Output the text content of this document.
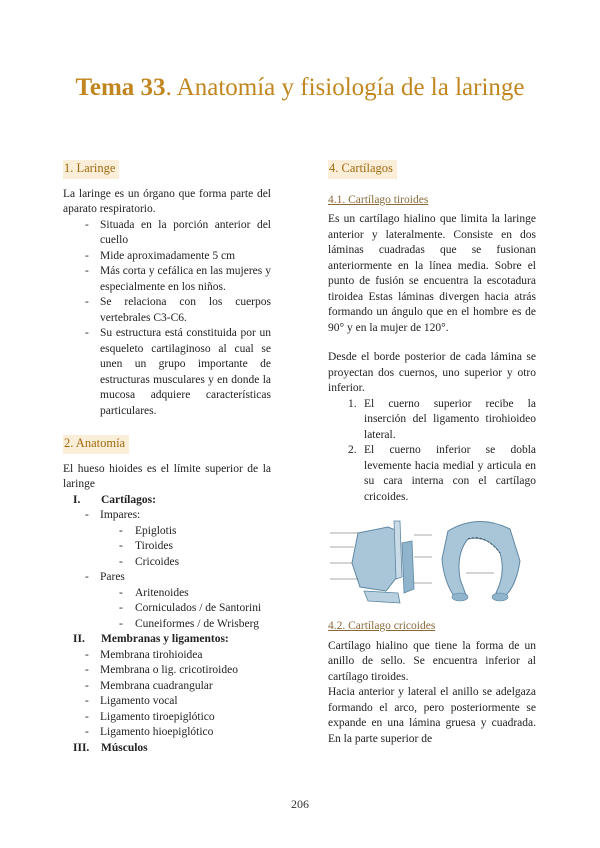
Tema 33. Anatomía y fisiología de la laringe
1. Laringe

La laringe es un órgano que forma parte del aparato respiratorio.

- Situada en la porción anterior del cuello
- Mide aproximadamente 5 cm
- Más corta y cefálica en las mujeres y especialmente en los niños.
- Se relaciona con los cuerpos vertebrales C3-C6.
- Su estructura está constituida por un esqueleto cartilaginoso al cual se unen un grupo importante de estructuras musculares y en donde la mucosa adquiere características particulares.
2. Anatomía

El hueso hioides es el límite superior de la laringe

I. Cartílagos:
- Impares:
- Epiglotis
- Tiroides
- Cricoides
- Pares
- Aritenoides
- Corniculados / de Santorini
- Cuneiformes / de Wrisberg
II. Membranas y ligamentos:
- Membrana tirohioidea
- Membrana o lig. cricotiroideo
- Membrana cuadrangular
- Ligamento vocal
- Ligamento tiroepiglótico
- Ligamento hioepiglótico
III. Músculos
4. Cartílagos
4.1. Cartílago tiroides

Es un cartílago hialino que limita la laringe anterior y lateralmente. Consiste en dos láminas cuadradas que se fusionan anteriormente en la línea media. Sobre el punto de fusión se encuentra la escotadura tiroidea Estas láminas divergen hacia atrás formando un ángulo que en el hombre es de 90° y en la mujer de 120°.

Desde el borde posterior de cada lámina se proyectan dos cuernos, uno superior y otro inferior.

1. El cuerno superior recibe la inserción del ligamento tirohioideo lateral.
2. El cuerno inferior se dobla levemente hacia medial y articula en su cara interna con el cartílago cricoides.
4.2. Cartílago cricoides

Cartílago hialino que tiene la forma de un anillo de sello. Se encuentra inferior al cartílago tiroides.

Hacia anterior y lateral el anillo se adelgaza formando el arco, pero posteriormente se expande en una lámina gruesa y cuadrada. En la parte superior de

206
